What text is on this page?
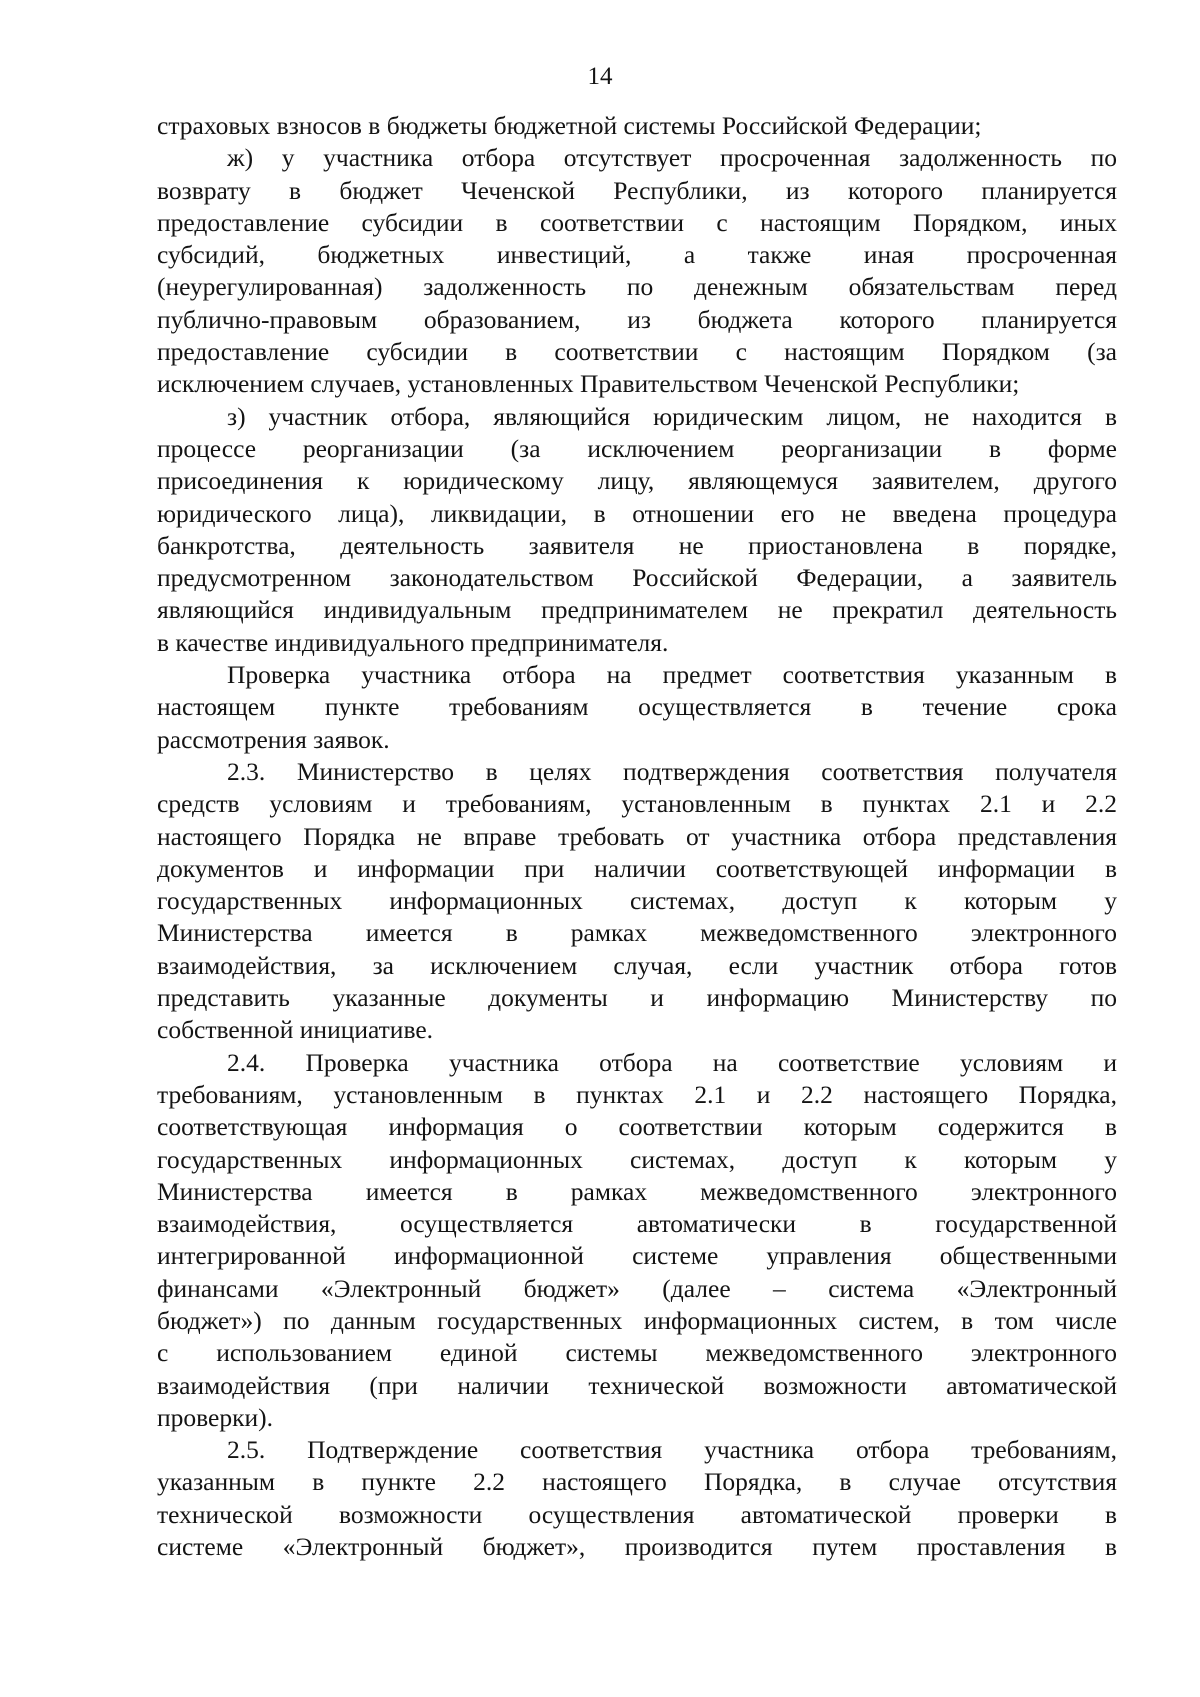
14
страховых взносов в бюджеты бюджетной системы Российской Федерации;
ж) у участника отбора отсутствует просроченная задолженность по
возврату в бюджет Чеченской Республики, из которого планируется
предоставление субсидии в соответствии с настоящим Порядком, иных
субсидий, бюджетных инвестиций, а также иная просроченная
(неурегулированная) задолженность по денежным обязательствам перед
публично-правовым образованием, из бюджета которого планируется
предоставление субсидии в соответствии с настоящим Порядком (за
исключением случаев, установленных Правительством Чеченской Республики;
з) участник отбора, являющийся юридическим лицом, не находится в
процессе реорганизации (за исключением реорганизации в форме
присоединения к юридическому лицу, являющемуся заявителем, другого
юридического лица), ликвидации, в отношении его не введена процедура
банкротства, деятельность заявителя не приостановлена в порядке,
предусмотренном законодательством Российской Федерации, а заявитель
являющийся индивидуальным предпринимателем не прекратил деятельность
в качестве индивидуального предпринимателя.
Проверка участника отбора на предмет соответствия указанным в
настоящем пункте требованиям осуществляется в течение срока
рассмотрения заявок.
2.3. Министерство в целях подтверждения соответствия получателя
средств условиям и требованиям, установленным в пунктах 2.1 и 2.2
настоящего Порядка не вправе требовать от участника отбора представления
документов и информации при наличии соответствующей информации в
государственных информационных системах, доступ к которым у
Министерства имеется в рамках межведомственного электронного
взаимодействия, за исключением случая, если участник отбора готов
представить указанные документы и информацию Министерству по
собственной инициативе.
2.4. Проверка участника отбора на соответствие условиям и
требованиям, установленным в пунктах 2.1 и 2.2 настоящего Порядка,
соответствующая информация о соответствии которым содержится в
государственных информационных системах, доступ к которым у
Министерства имеется в рамках межведомственного электронного
взаимодействия, осуществляется автоматически в государственной
интегрированной информационной системе управления общественными
финансами «Электронный бюджет» (далее – система «Электронный
бюджет») по данным государственных информационных систем, в том числе
с использованием единой системы межведомственного электронного
взаимодействия (при наличии технической возможности автоматической
проверки).
2.5. Подтверждение соответствия участника отбора требованиям,
указанным в пункте 2.2 настоящего Порядка, в случае отсутствия
технической возможности осуществления автоматической проверки в
системе «Электронный бюджет», производится путем проставления в
